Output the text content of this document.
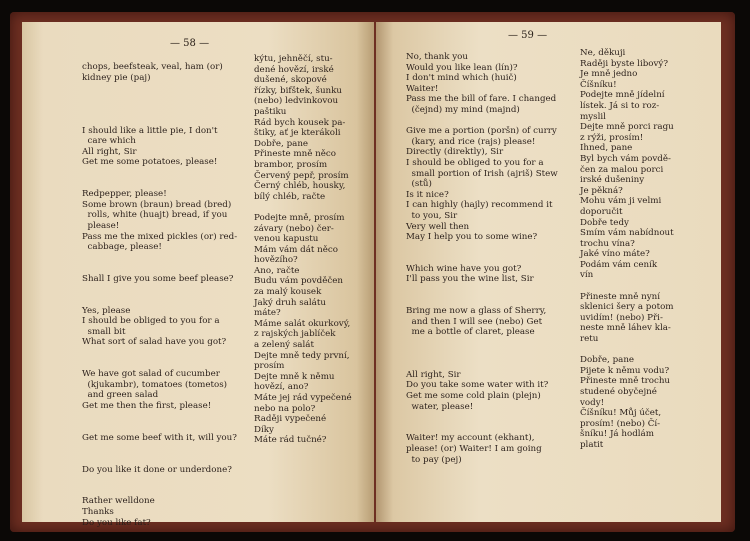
— 58 —
chops, beefsteak, veal, ham (or)
kidney pie (paj)
I should like a little pie, I don't
care which
All right, Sir
Get me some potatoes, please!
Redpepper, please!
Some brown (braun) bread (bred)
rolls, white (huajt) bread, if you
please!
Pass me the mixed pickles (or) red-
cabbage, please!
Shall I give you some beef please?
Yes, please
I should be obliged to you for a
small bit
What sort of salad have you got?
We have got salad of cucumber
(kjukambr), tomatoes (tometos)
and green salad
Get me then the first, please!
Get me some beef with it, will you?
Do you like it done or underdone?
Rather welldone
Thanks
Do you like fat?
kýtu, jehněčí, stu-
dené hovězí, irské
dušené, skopové
řízky, bifštek, šunku
(nebo) ledvinkovou
paštiku
Rád bych kousek pa-
štiky, ať je kterákoli
Dobře, pane
Přineste mně něco
brambor, prosím
Červený pepř, prosím
Černý chléb, housky,
bílý chléb, račte
Podejte mně, prosím
závary (nebo) čer-
venou kapustu
Mám vám dát něco
hovězího?
Ano, račte
Budu vám povděčen
za malý kousek
Jaký druh salátu
máte?
Máme salát okurkový,
z rajských jablíček
a zelený salát
Dejte mně tedy první,
prosím
Dejte mně k němu
hovězí, ano?
Máte jej rád vypečené
nebo na polo?
Raději vypečené
Díky
Máte rád tučné?
— 59 —
No, thank you
Would you like lean (lín)?
I don't mind which (huič)
Waiter!
Pass me the bill of fare. I changed
(čejnd) my mind (majnd)
Give me a portion (poršn) of curry
(kary, and rice (rajs) please!
Directly (direktly), Sir
I should be obliged to you for a
small portion of Irish (ajriš) Stew
(stů)
Is it nice?
I can highly (hajly) recommend it
to you, Sir
Very well then
May I help you to some wine?
Which wine have you got?
I'll pass you the wine list, Sir
Bring me now a glass of Sherry,
and then I will see (nebo) Get
me a bottle of claret, please
All right, Sir
Do you take some water with it?
Get me some cold plain (plejn)
water, please!
Waiter! my account (ekhant),
please! (or) Waiter! I am going
to pay (pej)
Ne, děkuji
Raději byste libový?
Je mně jedno
Číšníku!
Podejte mně jídelní
lístek. Já si to roz-
myslil
Dejte mně porci ragu
z rýži, prosím!
Ihned, pane
Byl bych vám povdě-
čen za malou porci
irské dušeniny
Je pěkná?
Mohu vám ji velmi
doporučit
Dobře tedy
Smím vám nabídnout
trochu vína?
Jaké víno máte?
Podám vám ceník
vín
Přineste mně nyní
sklenici šery a potom
uvidím! (nebo) Při-
neste mně láhev kla-
retu
Dobře, pane
Pijete k němu vodu?
Přineste mně trochu
studené obyčejné
vody!
Číšníku! Můj účet,
prosím! (nebo) Čí-
šníku! Já hodlám
platit
